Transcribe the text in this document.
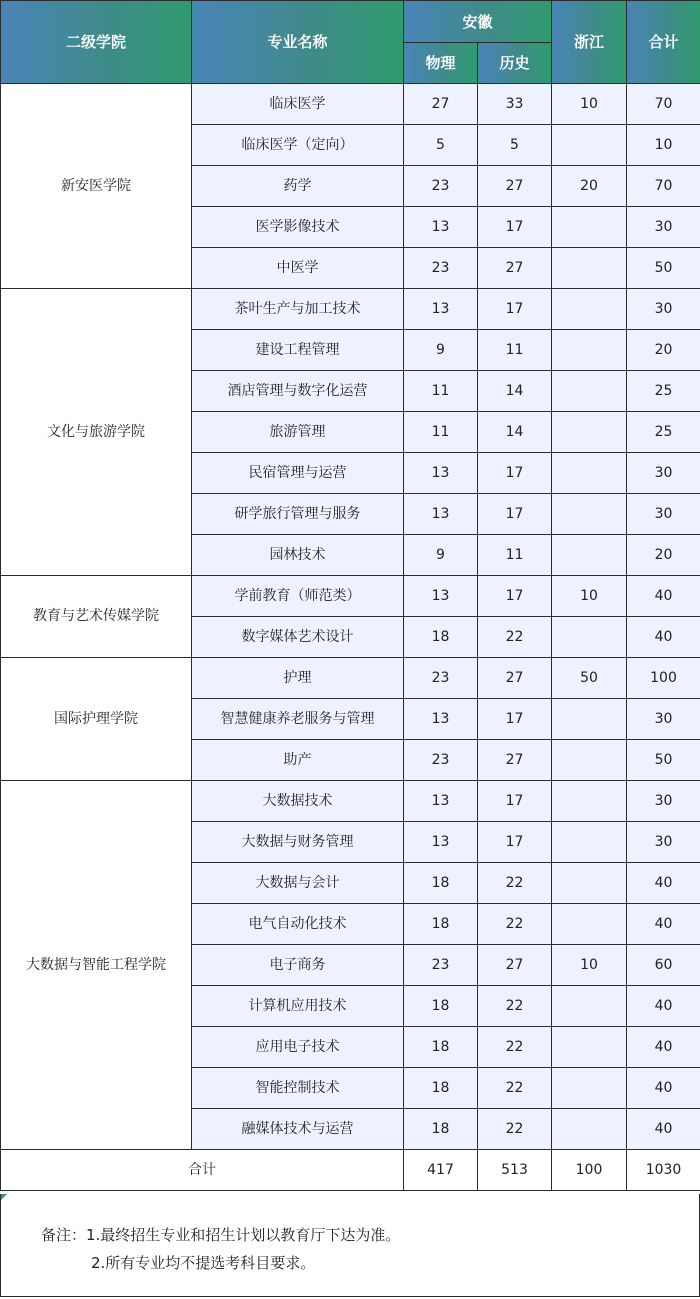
二级学院	专业名称	安徽		浙江	合计
		物理	历史		
新安医学院	临床医学	27	33	10	70
	临床医学（定向）	5	5		10
	药学	23	27	20	70
	医学影像技术	13	17		30
	中医学	23	27		50
文化与旅游学院	茶叶生产与加工技术	13	17		30
	建设工程管理	9	11		20
	酒店管理与数字化运营	11	14		25
	旅游管理	11	14		25
	民宿管理与运营	13	17		30
	研学旅行管理与服务	13	17		30
	园林技术	9	11		20
教育与艺术传媒学院	学前教育（师范类）	13	17	10	40
	数字媒体艺术设计	18	22		40
国际护理学院	护理	23	27	50	100
	智慧健康养老服务与管理	13	17		30
	助产	23	27		50
大数据与智能工程学院	大数据技术	13	17		30
	大数据与财务管理	13	17		30
	大数据与会计	18	22		40
	电气自动化技术	18	22		40
	电子商务	23	27	10	60
	计算机应用技术	18	22		40
	应用电子技术	18	22		40
	智能控制技术	18	22		40
	融媒体技术与运营	18	22		40
合计		417	513	100	1030
备注：1.最终招生专业和招生计划以教育厅下达为准。
2.所有专业均不提选考科目要求。
